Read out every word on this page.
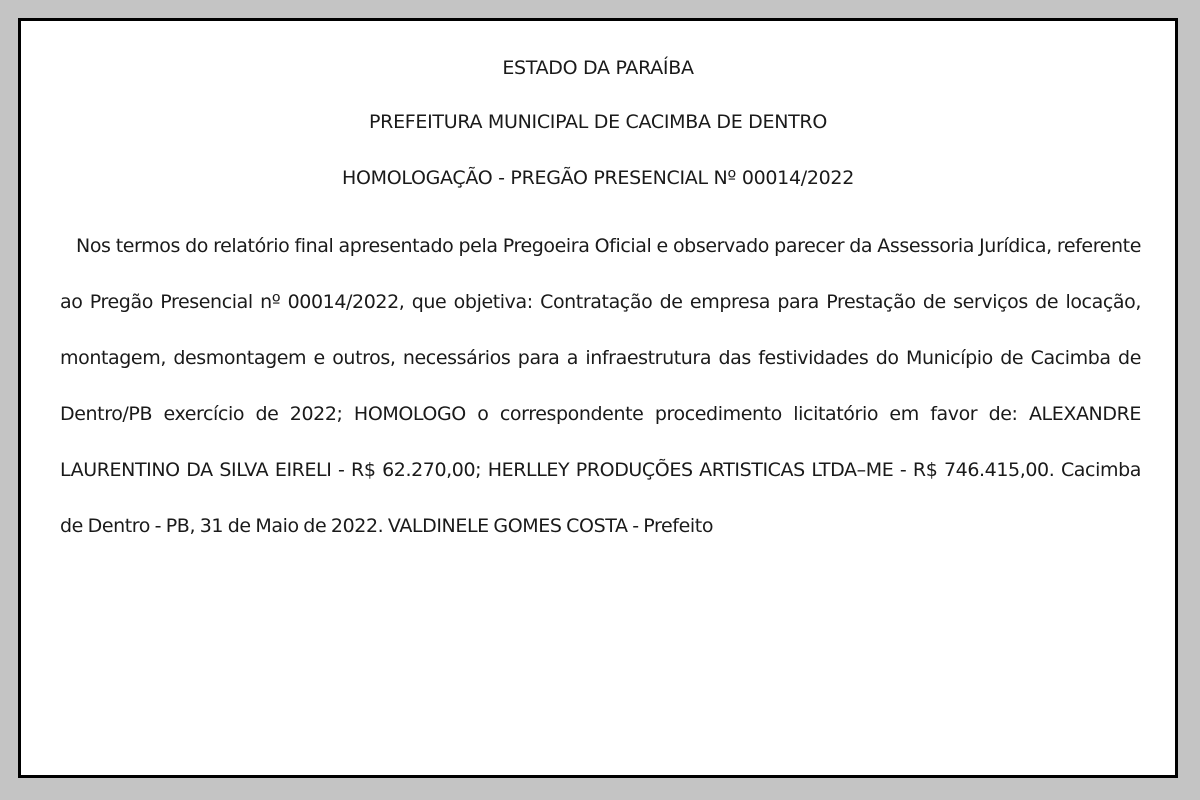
ESTADO DA PARAÍBA
PREFEITURA MUNICIPAL DE CACIMBA DE DENTRO
HOMOLOGAÇÃO - PREGÃO PRESENCIAL Nº 00014/2022

Nos termos do relatório final apresentado pela Pregoeira Oficial e observado parecer da Assessoria Jurídica, referente ao Pregão Presencial nº 00014/2022, que objetiva: Contratação de empresa para Prestação de serviços de locação, montagem, desmontagem e outros, necessários para a infraestrutura das festividades do Município de Cacimba de Dentro/PB exercício de 2022; HOMOLOGO o correspondente procedimento licitatório em favor de: ALEXANDRE LAURENTINO DA SILVA EIRELI - R$ 62.270,00; HERLLEY PRODUÇÕES ARTISTICAS LTDA–ME - R$ 746.415,00. Cacimba de Dentro - PB, 31 de Maio de 2022. VALDINELE GOMES COSTA - Prefeito
